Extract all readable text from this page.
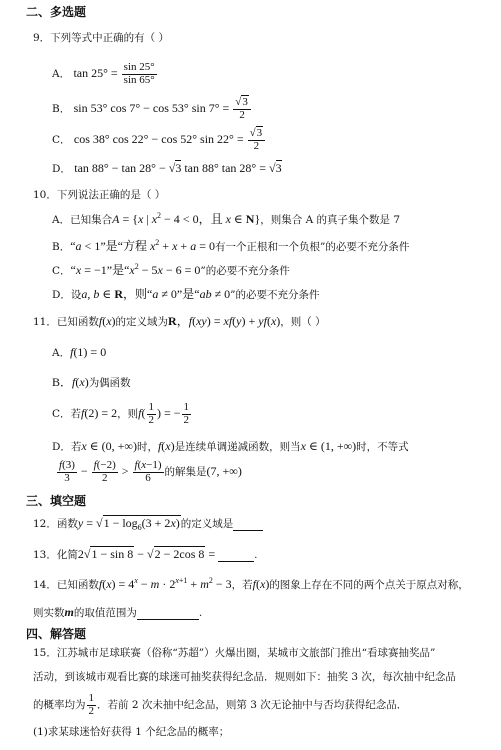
二、多选题
9．下列等式中正确的有（ ）
A． $\tan 25^\circ = \frac{\sin 25^\circ}{\sin 65^\circ}$
B． sin 53° cos 7° − cos 53° $\sin 7^\circ = \frac{√3}{2}$
C． cos 38° cos 22° − cos 52° $\sin 22^\circ = \frac{√3}{2}$
D． tan 88° − tan 28° − √3 tan 88° tan 28° = √3
10．下列说法正确的是（ ）
A．已知集合A = {x | $x^2 - 4 < 0$，且 x ∈ N}，则集合 A 的真子集个数是 7
B．“a < 1”是“方程 $x^2 + x + a = 0$有一个正根和一个负根”的必要不充分条件
C．“x = −1”是“$x^2 - 5x - 6 = 0$”的必要不充分条件
D．设a, b ∈ R，则“a ≠ 0”是“ab ≠ 0”的必要不充分条件
11．已知函数f(x)的定义域为R，f(xy) = xf(y) + yf(x)，则（ ）
A．f(1) = 0
B．f(x)为偶函数
C．若f(2) = 2，则$f( \frac{1}{2}$ ) = − $\frac{1}{2}$
D．若x ∈ (0, +∞)时，f(x)是连续单调递减函数，则当x ∈ (1, +∞)时，不等式
$\frac{f(3)}{3} - \frac{f(-2)}{2} > \frac{f(x-1)}{6}$ 的解集是(7, +∞)
三、填空题
12．函数$y = √1 - \log_6(3 + 2x)$的定义域是
13．化简2√1 − sin 8 − √2 − 2cos 8 =	.
14．已知函数$f(x) = 4^x - m \cdot 2^{x+1} + m^2 - 3$，若f(x)的图象上存在不同的两个点关于原点对称，
则实数m的取值范围为	.
四、解答题
15．江苏城市足球联赛（俗称“苏超”）火爆出圈，某城市文旅部门推出“看球赛抽奖品”
活动，到该城市观看比赛的球迷可抽奖获得纪念品．规则如下：抽奖 3 次，每次抽中纪念品
的概率均为 $\frac{1}{2}$ ．若前 2 次未抽中纪念品，则第 3 次无论抽中与否均获得纪念品．
(1)求某球迷恰好获得 1 个纪念品的概率；
